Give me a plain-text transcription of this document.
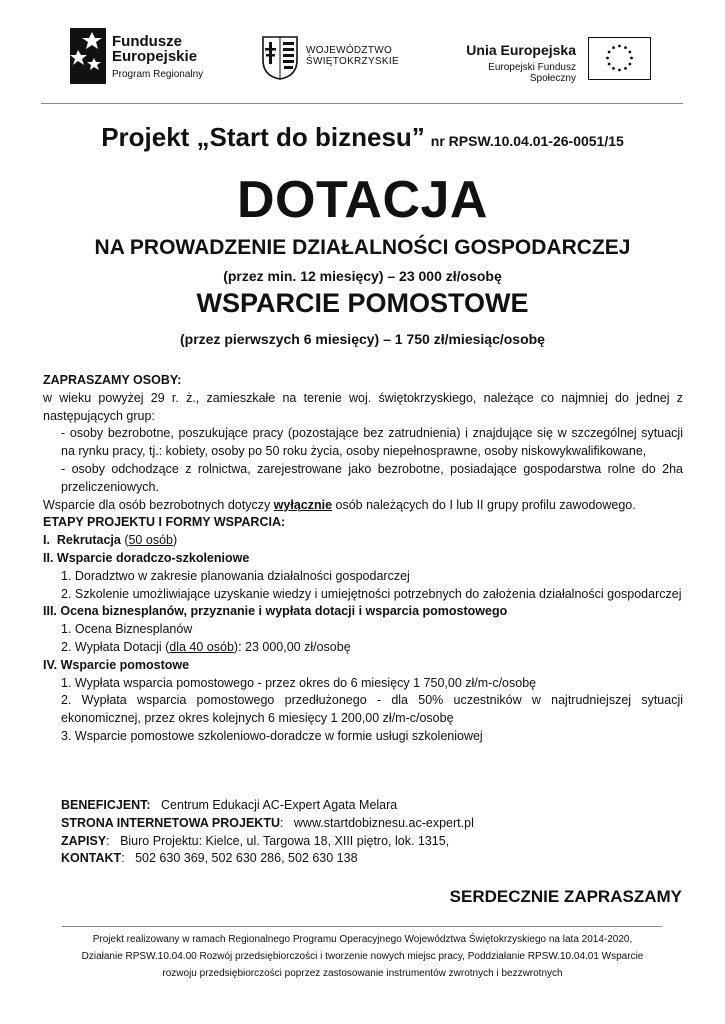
Fundusze
Europejskie
Program Regionalny
WOJEWÓDZTWO
ŚWIĘTOKRZYSKIE
Unia Europejska
Europejski Fundusz Społeczny
Projekt „Start do biznesu” nr RPSW.10.04.01-26-0051/15
DOTACJA
NA PROWADZENIE DZIAŁALNOŚCI GOSPODARCZEJ
(przez min. 12 miesięcy) – 23 000 zł/osobę
WSPARCIE POMOSTOWE
(przez pierwszych 6 miesięcy) – 1 750 zł/miesiąc/osobę

ZAPRASZAMY OSOBY:

w wieku powyżej 29 r. ż., zamieszkałe na terenie woj. świętokrzyskiego, należące co najmniej do jednej z następujących grup:

- osoby bezrobotne, poszukujące pracy (pozostające bez zatrudnienia) i znajdujące się w szczególnej sytuacji na rynku pracy, tj.: kobiety, osoby po 50 roku życia, osoby niepełnosprawne, osoby niskowykwalifikowane,

- osoby odchodzące z rolnictwa, zarejestrowane jako bezrobotne, posiadające gospodarstwa rolne do 2ha przeliczeniowych.

Wsparcie dla osób bezrobotnych dotyczy wyłącznie osób należących do I lub II grupy profilu zawodowego.

ETAPY PROJEKTU I FORMY WSPARCIA:

I. Rekrutacja (50 osób)

II. Wsparcie doradczo-szkoleniowe

1. Doradztwo w zakresie planowania działalności gospodarczej

2. Szkolenie umożliwiające uzyskanie wiedzy i umiejętności potrzebnych do założenia działalności gospodarczej

III. Ocena biznesplanów, przyznanie i wypłata dotacji i wsparcia pomostowego

1. Ocena Biznesplanów

2. Wypłata Dotacji (dla 40 osób): 23 000,00 zł/osobę

IV. Wsparcie pomostowe

1. Wypłata wsparcia pomostowego - przez okres do 6 miesięcy 1 750,00 zł/m-c/osobę

2. Wypłata wsparcia pomostowego przedłużonego - dla 50% uczestników w najtrudniejszej sytuacji ekonomicznej, przez okres kolejnych 6 miesięcy 1 200,00 zł/m-c/osobę

3. Wsparcie pomostowe szkoleniowo-doradcze w formie usługi szkoleniowej

BENEFICJENT: Centrum Edukacji AC-Expert Agata Melara
STRONA INTERNETOWA PROJEKTU:   www.startdobiznesu.ac-expert.pl
ZAPISY:   Biuro Projektu: Kielce, ul. Targowa 18, XIII piętro, lok. 1315,
KONTAKT:   502 630 369, 502 630 286, 502 630 138
SERDECZNIE ZAPRASZAMY
Projekt realizowany w ramach Regionalnego Programu Operacyjnego Województwa Świętokrzyskiego na lata 2014-2020,
Działanie RPSW.10.04.00 Rozwój przedsiębiorczości i tworzenie nowych miejsc pracy, Poddziałanie RPSW.10.04.01 Wsparcie
rozwoju przedsiębiorczości poprzez zastosowanie instrumentów zwrotnych i bezzwrotnych
